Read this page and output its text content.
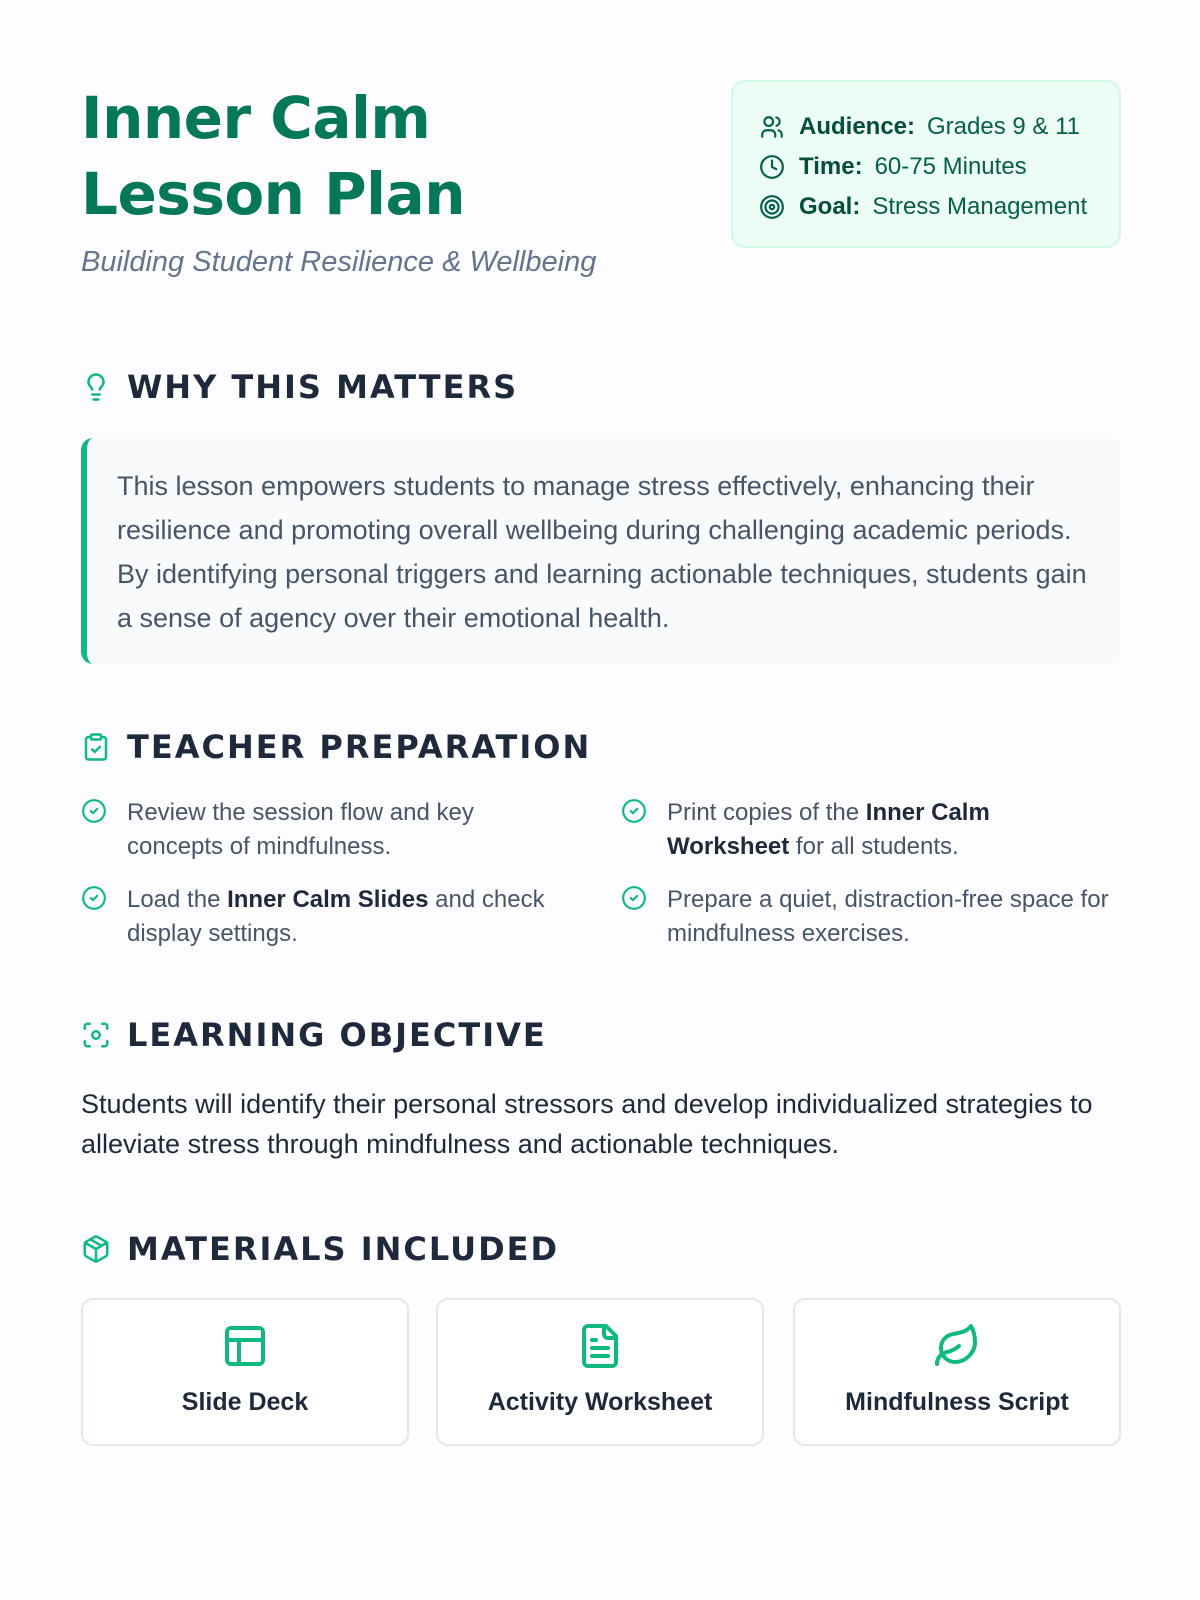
Inner Calm
Lesson Plan
Building Student Resilience & Wellbeing
Audience: Grades 9 & 11
Time: 60-75 Minutes
Goal: Stress Management
WHY THIS MATTERS
This lesson empowers students to manage stress effectively, enhancing their resilience and promoting overall wellbeing during challenging academic periods. By identifying personal triggers and learning actionable techniques, students gain a sense of agency over their emotional health.
TEACHER PREPARATION
Review the session flow and key concepts of mindfulness.
Print copies of the Inner Calm Worksheet for all students.
Load the Inner Calm Slides and check display settings.
Prepare a quiet, distraction-free space for mindfulness exercises.
LEARNING OBJECTIVE
Students will identify their personal stressors and develop individualized strategies to alleviate stress through mindfulness and actionable techniques.
MATERIALS INCLUDED
Slide Deck	Activity Worksheet	Mindfulness Script
